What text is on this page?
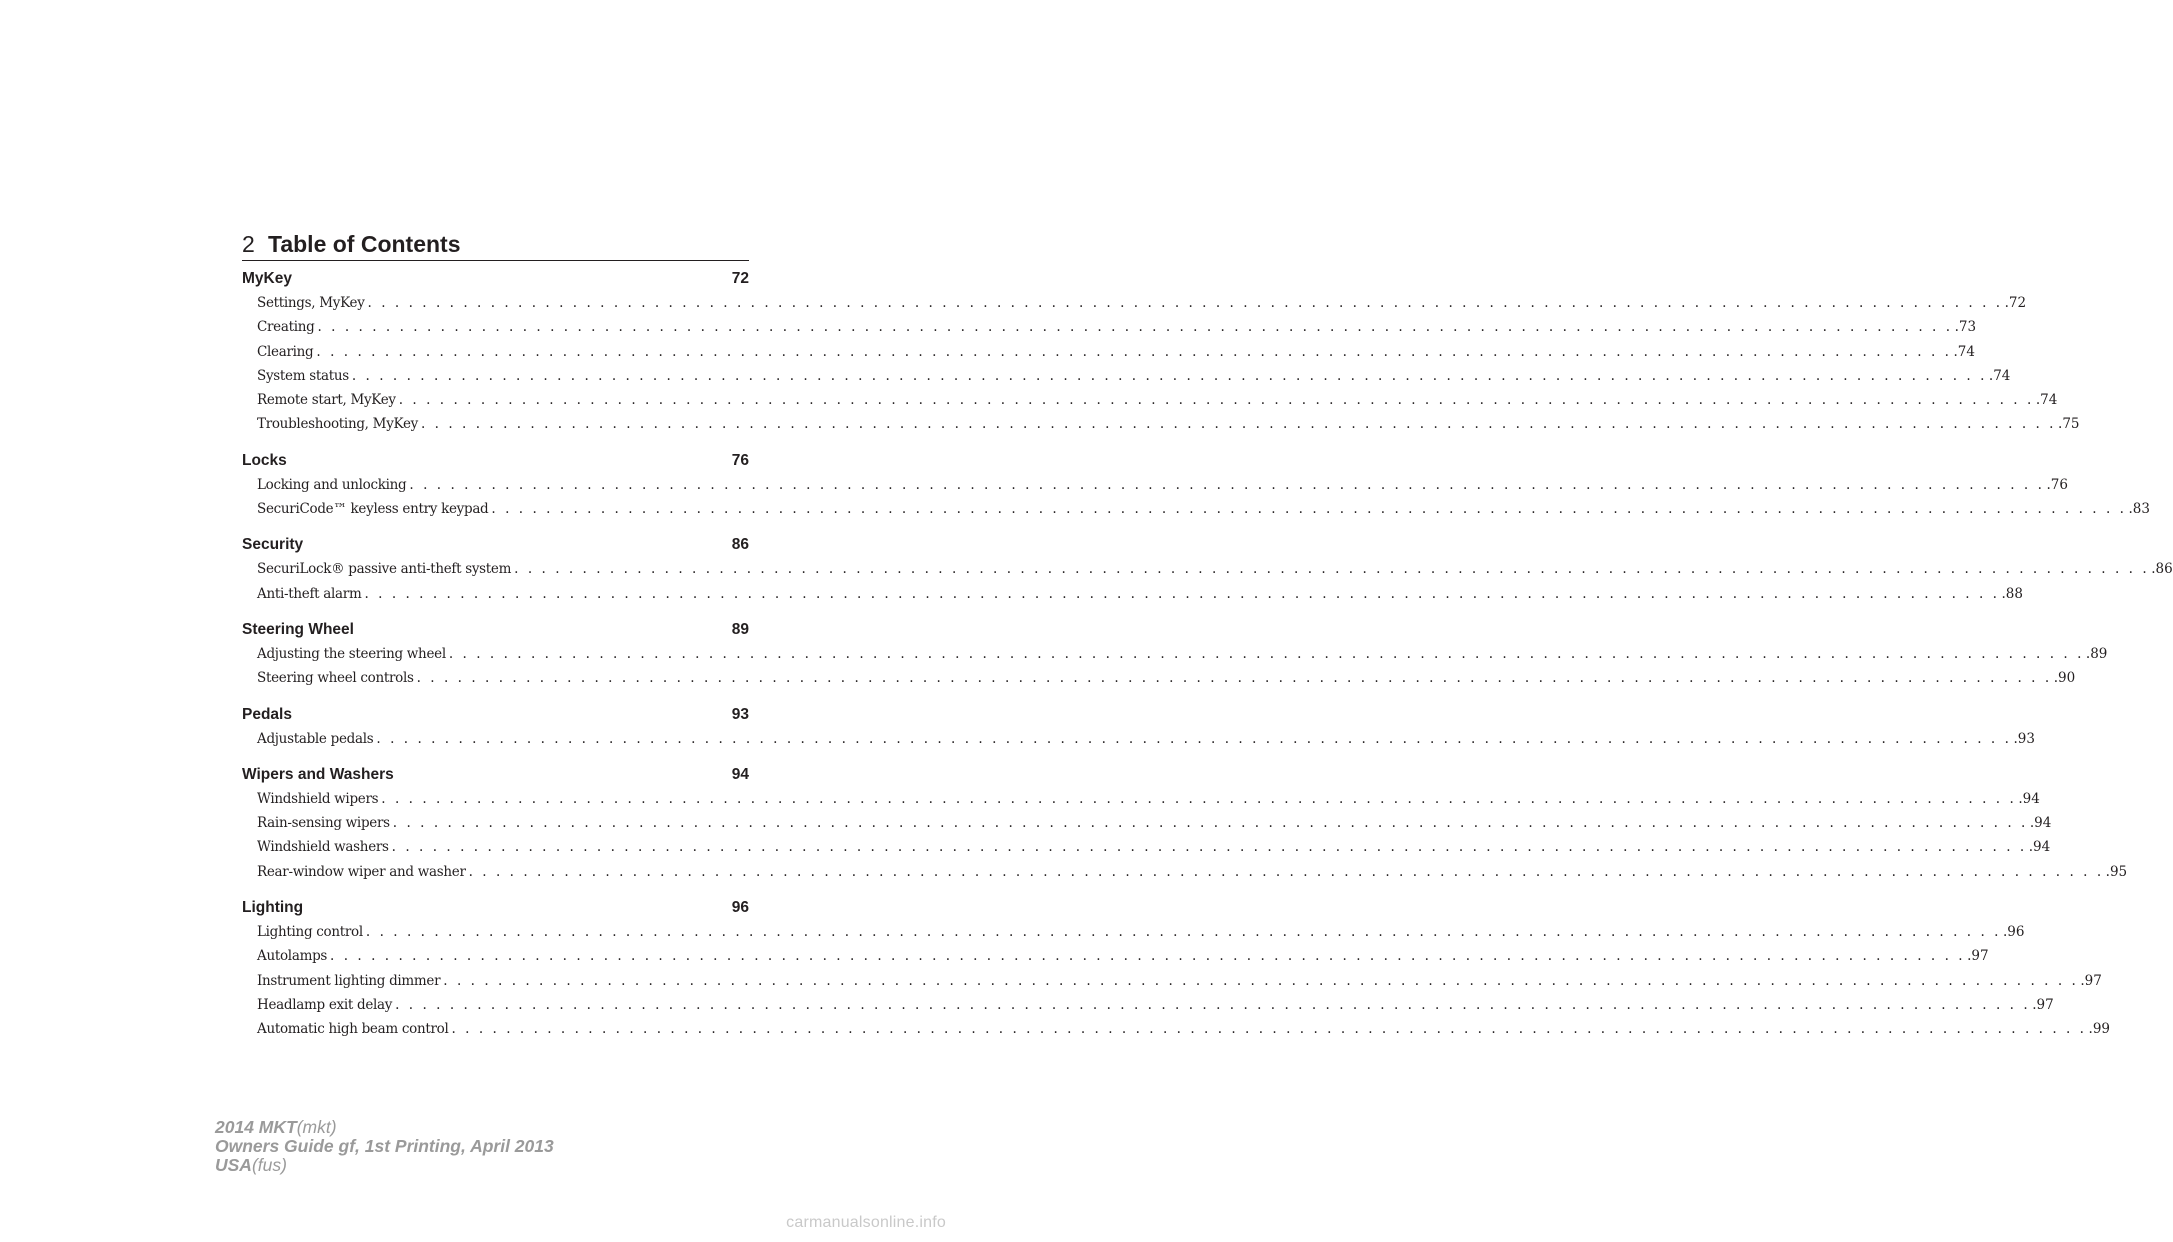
2 Table of Contents
MyKey	72
Settings, MyKey . . . . . . . . . . . . . . . . . . . . . . . . . . . . . . . . . . . . . . . . . . . . . . . . . . . . . . . . . . . . . . . . . . . . . . . . . . . . . . . . . . . . . . . . . . . . . . . . . . . . . . . . . . . . . . . . . . . . . . . . .72
Creating . . . . . . . . . . . . . . . . . . . . . . . . . . . . . . . . . . . . . . . . . . . . . . . . . . . . . . . . . . . . . . . . . . . . . . . . . . . . . . . . . . . . . . . . . . . . . . . . . . . . . . . . . . . . . . . . . . . . . . . . .73
Clearing . . . . . . . . . . . . . . . . . . . . . . . . . . . . . . . . . . . . . . . . . . . . . . . . . . . . . . . . . . . . . . . . . . . . . . . . . . . . . . . . . . . . . . . . . . . . . . . . . . . . . . . . . . . . . . . . . . . . . . . . .74
System status . . . . . . . . . . . . . . . . . . . . . . . . . . . . . . . . . . . . . . . . . . . . . . . . . . . . . . . . . . . . . . . . . . . . . . . . . . . . . . . . . . . . . . . . . . . . . . . . . . . . . . . . . . . . . . . . . . . . . . . . .74
Remote start, MyKey . . . . . . . . . . . . . . . . . . . . . . . . . . . . . . . . . . . . . . . . . . . . . . . . . . . . . . . . . . . . . . . . . . . . . . . . . . . . . . . . . . . . . . . . . . . . . . . . . . . . . . . . . . . . . . . . . . . . . . . . .74
Troubleshooting, MyKey . . . . . . . . . . . . . . . . . . . . . . . . . . . . . . . . . . . . . . . . . . . . . . . . . . . . . . . . . . . . . . . . . . . . . . . . . . . . . . . . . . . . . . . . . . . . . . . . . . . . . . . . . . . . . . . . . . . . . . . . .75
Locks	76
Locking and unlocking . . . . . . . . . . . . . . . . . . . . . . . . . . . . . . . . . . . . . . . . . . . . . . . . . . . . . . . . . . . . . . . . . . . . . . . . . . . . . . . . . . . . . . . . . . . . . . . . . . . . . . . . . . . . . . . . . . . . . . . . .76
SecuriCode™ keyless entry keypad . . . . . . . . . . . . . . . . . . . . . . . . . . . . . . . . . . . . . . . . . . . . . . . . . . . . . . . . . . . . . . . . . . . . . . . . . . . . . . . . . . . . . . . . . . . . . . . . . . . . . . . . . . . . . . . . . . . . . . . . .83
Security	86
SecuriLock® passive anti-theft system . . . . . . . . . . . . . . . . . . . . . . . . . . . . . . . . . . . . . . . . . . . . . . . . . . . . . . . . . . . . . . . . . . . . . . . . . . . . . . . . . . . . . . . . . . . . . . . . . . . . . . . . . . . . . . . . . . . . . . . . .86
Anti-theft alarm . . . . . . . . . . . . . . . . . . . . . . . . . . . . . . . . . . . . . . . . . . . . . . . . . . . . . . . . . . . . . . . . . . . . . . . . . . . . . . . . . . . . . . . . . . . . . . . . . . . . . . . . . . . . . . . . . . . . . . . . .88
Steering Wheel	89
Adjusting the steering wheel . . . . . . . . . . . . . . . . . . . . . . . . . . . . . . . . . . . . . . . . . . . . . . . . . . . . . . . . . . . . . . . . . . . . . . . . . . . . . . . . . . . . . . . . . . . . . . . . . . . . . . . . . . . . . . . . . . . . . . . . .89
Steering wheel controls . . . . . . . . . . . . . . . . . . . . . . . . . . . . . . . . . . . . . . . . . . . . . . . . . . . . . . . . . . . . . . . . . . . . . . . . . . . . . . . . . . . . . . . . . . . . . . . . . . . . . . . . . . . . . . . . . . . . . . . . .90
Pedals	93
Adjustable pedals . . . . . . . . . . . . . . . . . . . . . . . . . . . . . . . . . . . . . . . . . . . . . . . . . . . . . . . . . . . . . . . . . . . . . . . . . . . . . . . . . . . . . . . . . . . . . . . . . . . . . . . . . . . . . . . . . . . . . . . . .93
Wipers and Washers	94
Windshield wipers . . . . . . . . . . . . . . . . . . . . . . . . . . . . . . . . . . . . . . . . . . . . . . . . . . . . . . . . . . . . . . . . . . . . . . . . . . . . . . . . . . . . . . . . . . . . . . . . . . . . . . . . . . . . . . . . . . . . . . . . .94
Rain-sensing wipers . . . . . . . . . . . . . . . . . . . . . . . . . . . . . . . . . . . . . . . . . . . . . . . . . . . . . . . . . . . . . . . . . . . . . . . . . . . . . . . . . . . . . . . . . . . . . . . . . . . . . . . . . . . . . . . . . . . . . . . . .94
Windshield washers . . . . . . . . . . . . . . . . . . . . . . . . . . . . . . . . . . . . . . . . . . . . . . . . . . . . . . . . . . . . . . . . . . . . . . . . . . . . . . . . . . . . . . . . . . . . . . . . . . . . . . . . . . . . . . . . . . . . . . . . .94
Rear-window wiper and washer . . . . . . . . . . . . . . . . . . . . . . . . . . . . . . . . . . . . . . . . . . . . . . . . . . . . . . . . . . . . . . . . . . . . . . . . . . . . . . . . . . . . . . . . . . . . . . . . . . . . . . . . . . . . . . . . . . . . . . . . .95
Lighting	96
Lighting control . . . . . . . . . . . . . . . . . . . . . . . . . . . . . . . . . . . . . . . . . . . . . . . . . . . . . . . . . . . . . . . . . . . . . . . . . . . . . . . . . . . . . . . . . . . . . . . . . . . . . . . . . . . . . . . . . . . . . . . . .96
Autolamps . . . . . . . . . . . . . . . . . . . . . . . . . . . . . . . . . . . . . . . . . . . . . . . . . . . . . . . . . . . . . . . . . . . . . . . . . . . . . . . . . . . . . . . . . . . . . . . . . . . . . . . . . . . . . . . . . . . . . . . . .97
Instrument lighting dimmer . . . . . . . . . . . . . . . . . . . . . . . . . . . . . . . . . . . . . . . . . . . . . . . . . . . . . . . . . . . . . . . . . . . . . . . . . . . . . . . . . . . . . . . . . . . . . . . . . . . . . . . . . . . . . . . . . . . . . . . . .97
Headlamp exit delay . . . . . . . . . . . . . . . . . . . . . . . . . . . . . . . . . . . . . . . . . . . . . . . . . . . . . . . . . . . . . . . . . . . . . . . . . . . . . . . . . . . . . . . . . . . . . . . . . . . . . . . . . . . . . . . . . . . . . . . . .97
Automatic high beam control . . . . . . . . . . . . . . . . . . . . . . . . . . . . . . . . . . . . . . . . . . . . . . . . . . . . . . . . . . . . . . . . . . . . . . . . . . . . . . . . . . . . . . . . . . . . . . . . . . . . . . . . . . . . . . . . . . . . . . . . .99
2014 MKT(mkt)
Owners Guide gf, 1st Printing, April 2013
USA(fus)
carmanualsonline.info
